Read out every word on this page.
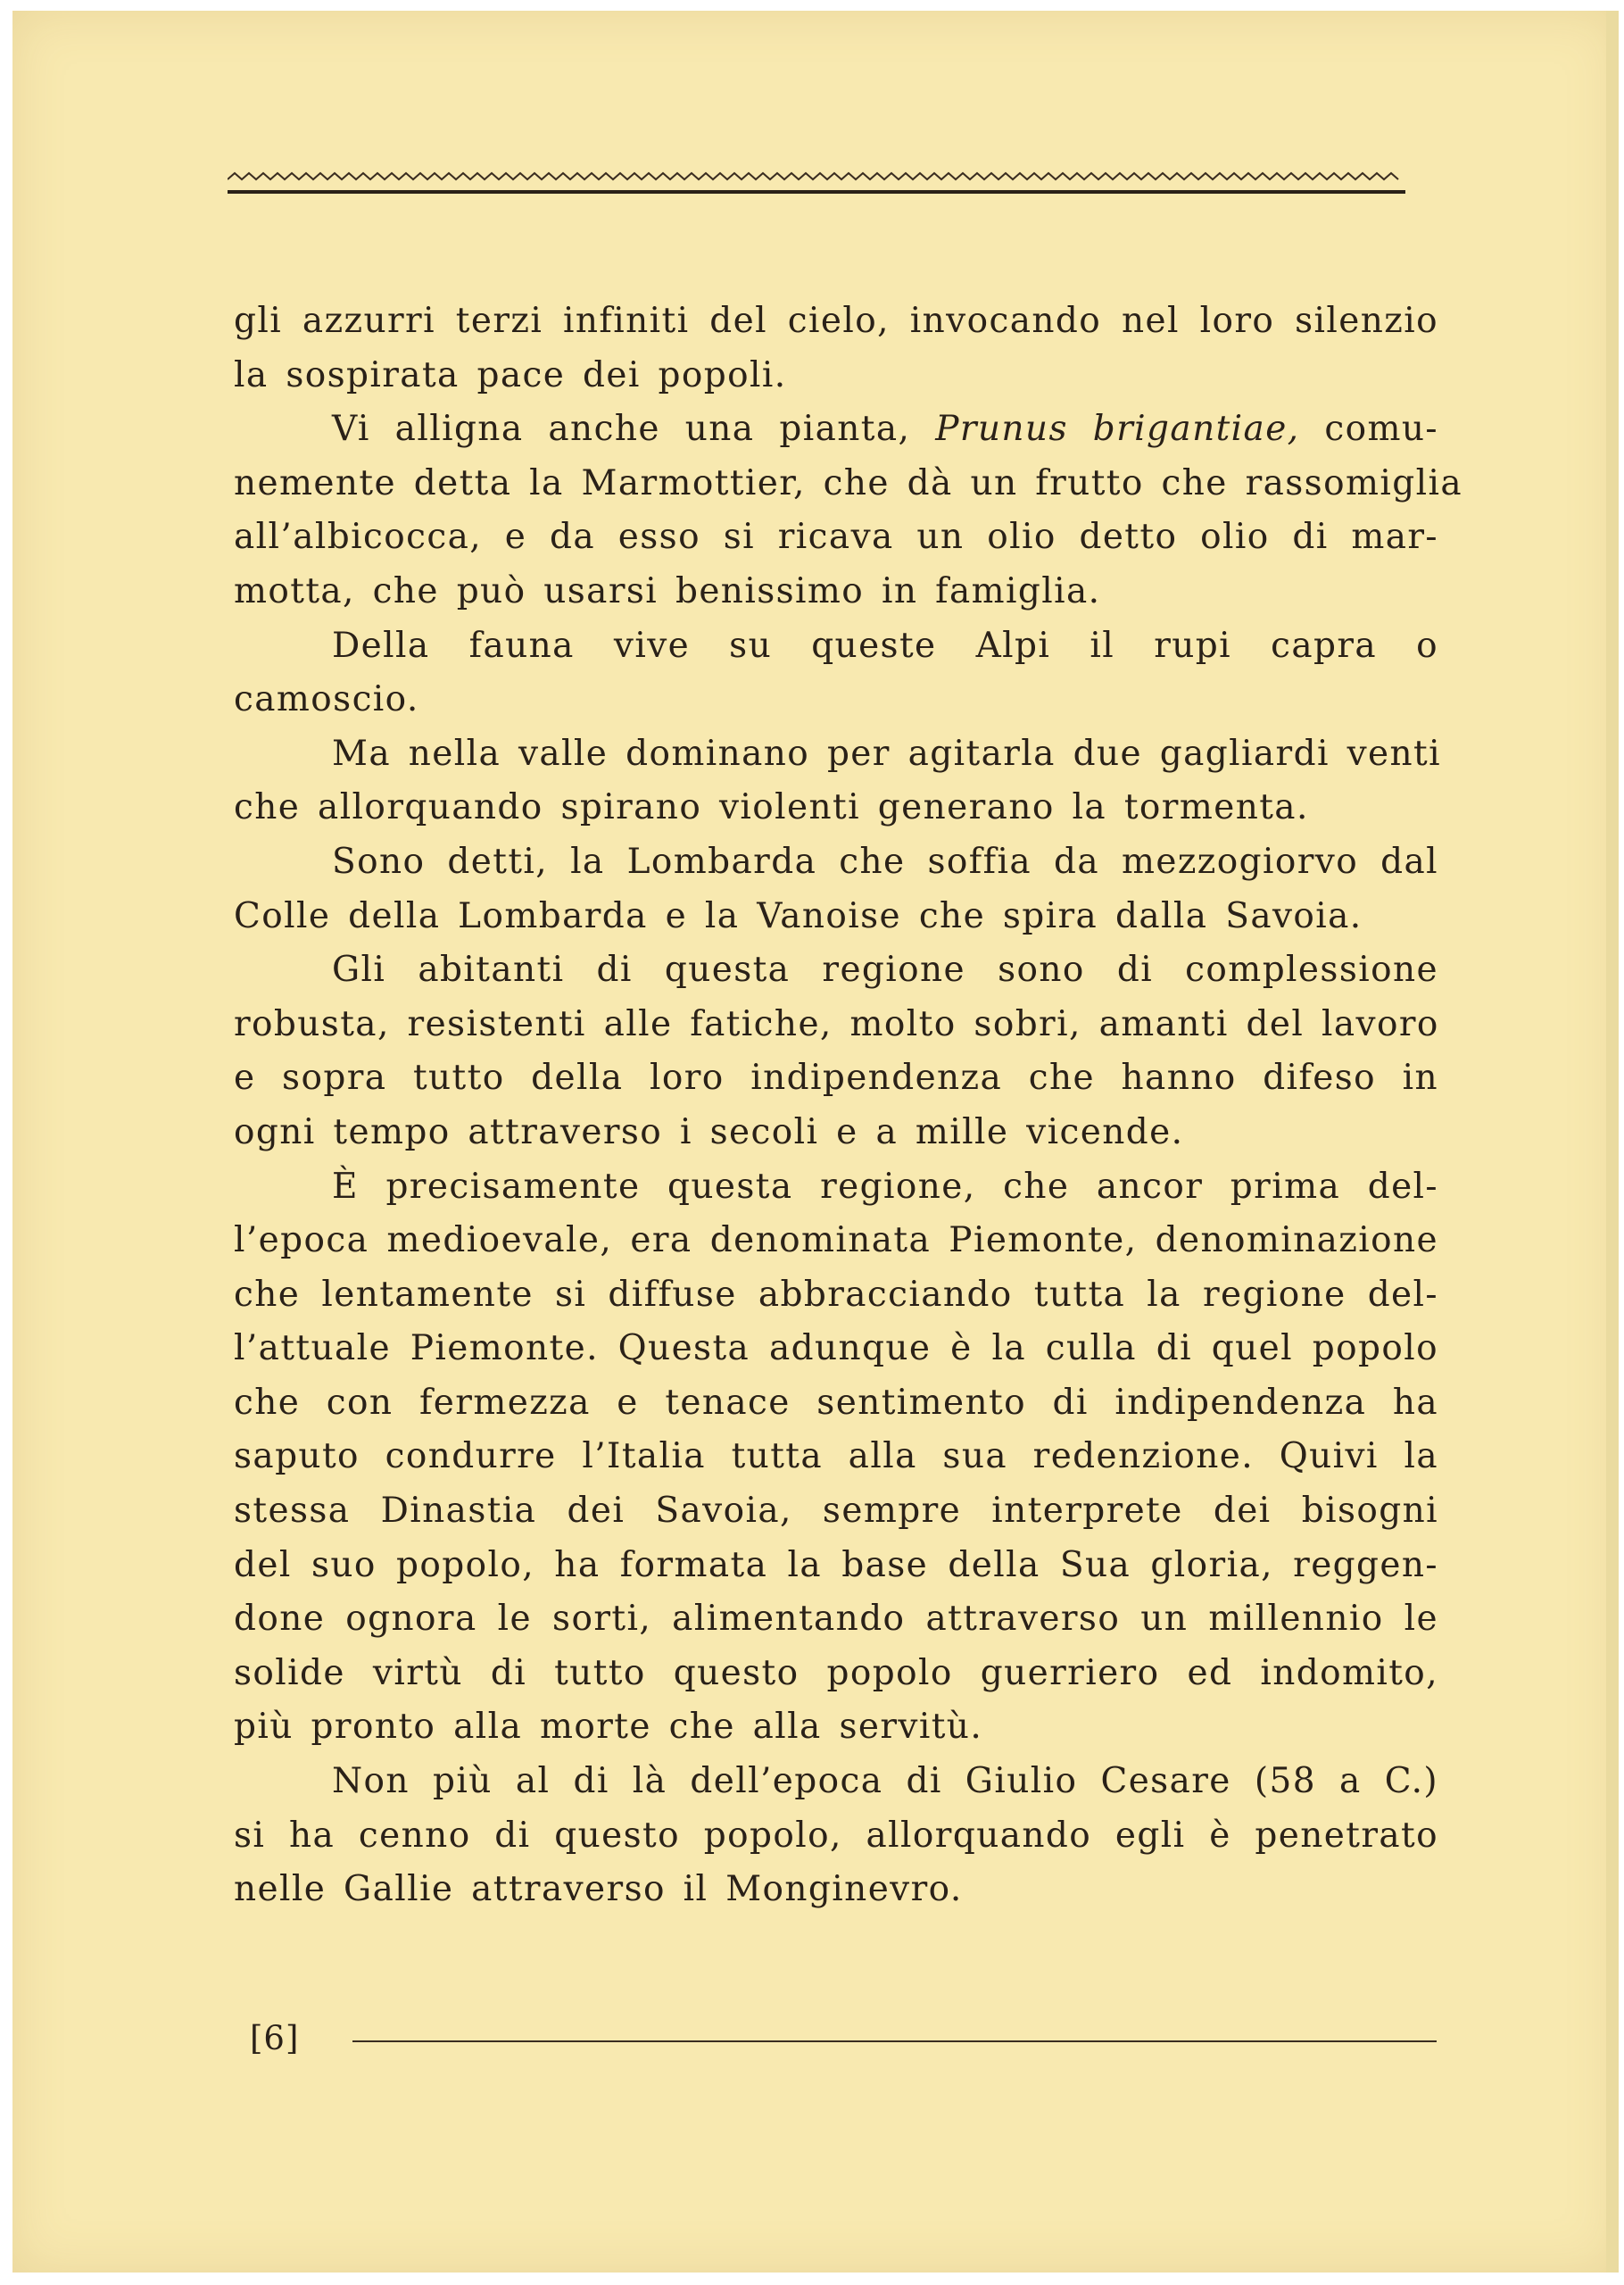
gli azzurri terzi infiniti del cielo, invocando nel loro silenzio
la sospirata pace dei popoli.
Vi alligna anche una pianta, Prunus brigantiae, comu-
nemente detta la Marmottier, che dà un frutto che rassomiglia
all’albicocca, e da esso si ricava un olio detto olio di mar-
motta, che può usarsi benissimo in famiglia.
Della fauna vive su queste Alpi il rupi capra o
camoscio.
Ma nella valle dominano per agitarla due gagliardi venti
che allorquando spirano violenti generano la tormenta.
Sono detti, la Lombarda che soffia da mezzogiorvo dal
Colle della Lombarda e la Vanoise che spira dalla Savoia.
Gli abitanti di questa regione sono di complessione
robusta, resistenti alle fatiche, molto sobri, amanti del lavoro
e sopra tutto della loro indipendenza che hanno difeso in
ogni tempo attraverso i secoli e a mille vicende.
È precisamente questa regione, che ancor prima del-
l’epoca medioevale, era denominata Piemonte, denominazione
che lentamente si diffuse abbracciando tutta la regione del-
l’attuale Piemonte. Questa adunque è la culla di quel popolo
che con fermezza e tenace sentimento di indipendenza ha
saputo condurre l’Italia tutta alla sua redenzione. Quivi la
stessa Dinastia dei Savoia, sempre interprete dei bisogni
del suo popolo, ha formata la base della Sua gloria, reggen-
done ognora le sorti, alimentando attraverso un millennio le
solide virtù di tutto questo popolo guerriero ed indomito,
più pronto alla morte che alla servitù.
Non più al di là dell’epoca di Giulio Cesare (58 a C.)
si ha cenno di questo popolo, allorquando egli è penetrato
nelle Gallie attraverso il Monginevro.
[6]
